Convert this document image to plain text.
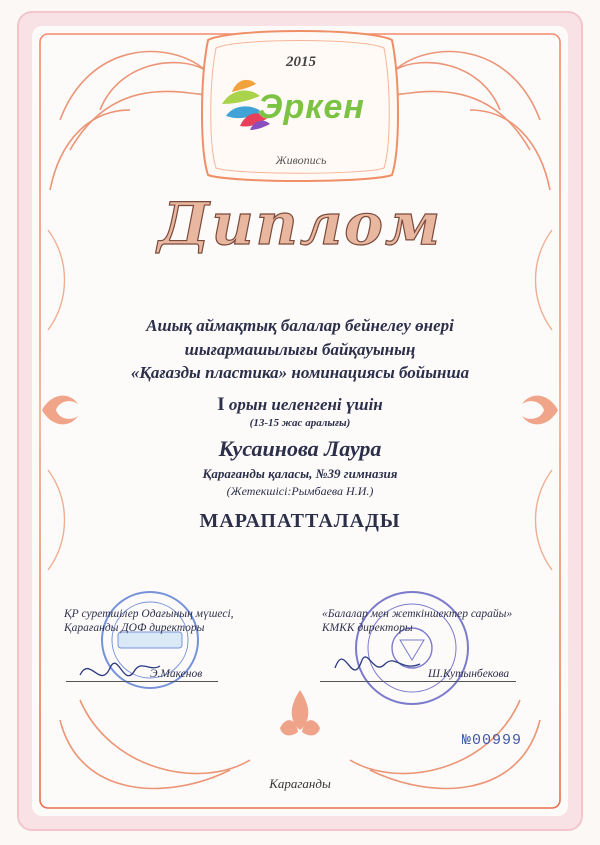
2015
Эркен
Живопись
Диплом
Ашық аймақтық балалар бейнелеу өнері
шығармашылығы байқауының
«Қағазды пластика» номинациясы бойынша
I орын иеленгені үшін
(13-15 жас аралығы)
Кусаинова Лаура
Қарағанды қаласы, №39 гимназия
(Жетекшісі:Рымбаева Н.И.)
МАРАПАТТАЛАДЫ
ҚР суретшілер Одағының мүшесі,
Қарағанды ДОФ директоры
Э.Макенов
«Балалар мен жеткіншектер сарайы»
КМКК директоры
Ш.Кутынбекова
№00999
Караганды
